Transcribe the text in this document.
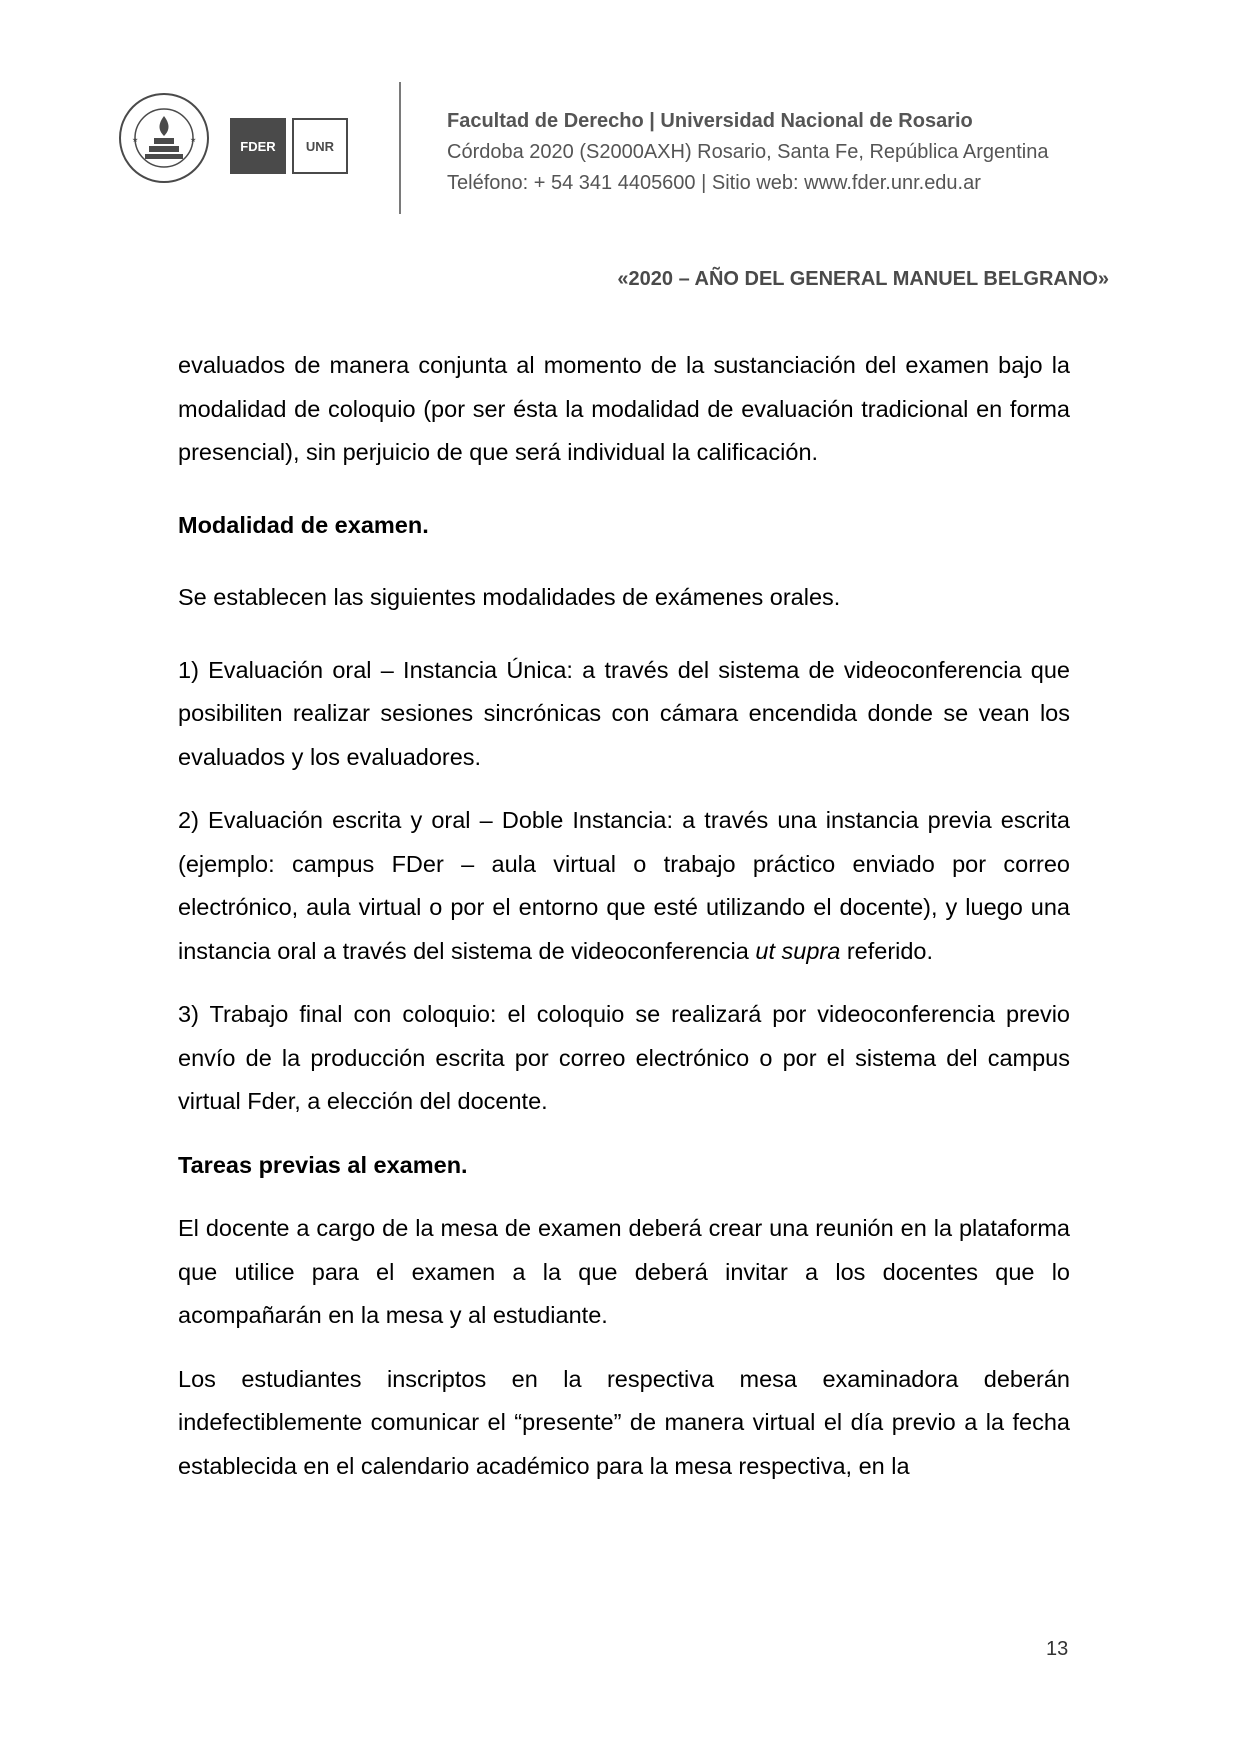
★	★	FDER	UNR
Facultad de Derecho | Universidad Nacional de Rosario
Córdoba 2020 (S2000AXH) Rosario, Santa Fe, República Argentina
Teléfono: + 54 341 4405600 | Sitio web: www.fder.unr.edu.ar
«2020 – AÑO DEL GENERAL MANUEL BELGRANO»

evaluados de manera conjunta al momento de la sustanciación del examen bajo la modalidad de coloquio (por ser ésta la modalidad de evaluación tradicional en forma presencial), sin perjuicio de que será individual la calificación.

Modalidad de examen.

Se establecen las siguientes modalidades de exámenes orales.

1) Evaluación oral – Instancia Única: a través del sistema de videoconferencia que posibiliten realizar sesiones sincrónicas con cámara encendida donde se vean los evaluados y los evaluadores.

2) Evaluación escrita y oral – Doble Instancia: a través una instancia previa escrita (ejemplo: campus FDer – aula virtual o trabajo práctico enviado por correo electrónico, aula virtual o por el entorno que esté utilizando el docente), y luego una instancia oral a través del sistema de videoconferencia ut supra referido.

3) Trabajo final con coloquio: el coloquio se realizará por videoconferencia previo envío de la producción escrita por correo electrónico o por el sistema del campus virtual Fder, a elección del docente.

Tareas previas al examen.

El docente a cargo de la mesa de examen deberá crear una reunión en la plataforma que utilice para el examen a la que deberá invitar a los docentes que lo acompañarán en la mesa y al estudiante.

Los estudiantes inscriptos en la respectiva mesa examinadora deberán indefectiblemente comunicar el “presente” de manera virtual el día previo a la fecha establecida en el calendario académico para la mesa respectiva, en la

13
